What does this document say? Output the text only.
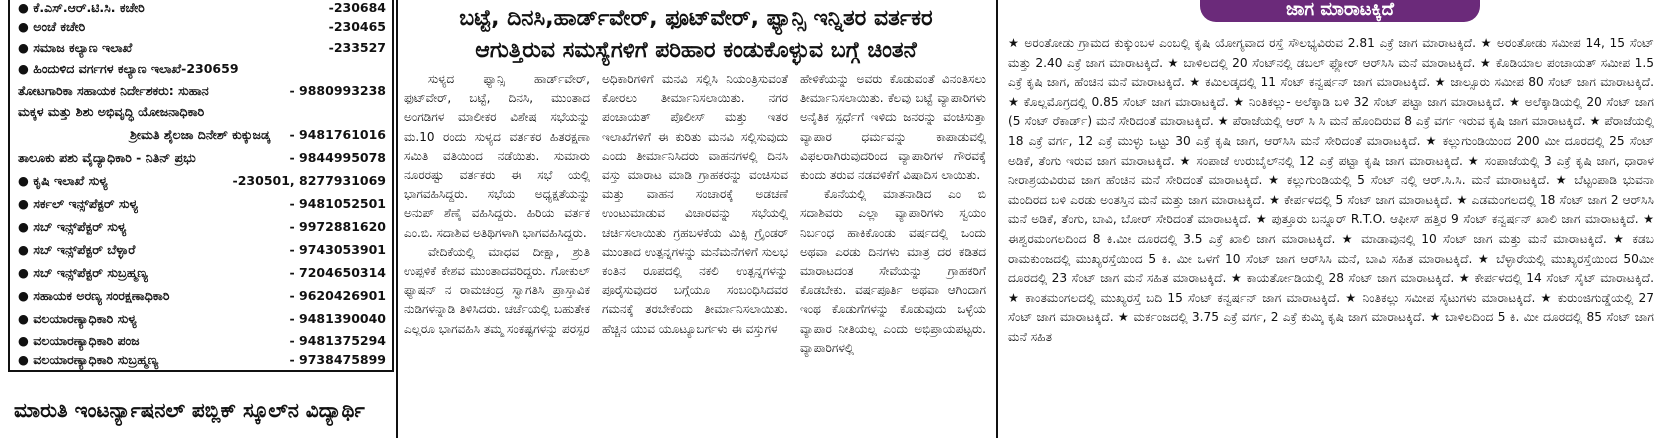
● ಕೆ.ಎಸ್.ಆರ್.ಟಿ.ಸಿ. ಕಚೇರಿ	-230684
● ಅಂಚೆ ಕಚೇರಿ	-230465
● ಸಮಾಜ ಕಲ್ಯಾಣ ಇಲಾಖೆ	-233527
● ಹಿಂದುಳಿದ ವರ್ಗಗಳ ಕಲ್ಯಾಣ ಇಲಾಖೆ-230659
ತೋಟಗಾರಿಕಾ ಸಹಾಯಕ ನಿರ್ದೇಶಕರು: ಸುಹಾನ	- 9880993238
ಮಕ್ಕಳ ಮತ್ತು ಶಿಶು ಅಭಿವೃದ್ಧಿ ಯೋಜನಾಧಿಕಾರಿ
ಶ್ರೀಮತಿ ಶೈಲಜಾ ದಿನೇಶ್ ಕುಕ್ಕುಜಡ್ಕ - 9481761016
ತಾಲೂಕು ಪಶು ವೈದ್ಯಾಧಿಕಾರಿ - ನಿತಿನ್ ಪ್ರಭು	- 9844995078
● ಕೃಷಿ ಇಲಾಖೆ ಸುಳ್ಯ	-230501, 8277931069
● ಸರ್ಕಲ್ ಇನ್ಸ್‌ಪೆಕ್ಟರ್ ಸುಳ್ಯ	- 9481052501
● ಸಬ್ ಇನ್ಸ್‌ಪೆಕ್ಟರ್ ಸುಳ್ಯ	- 9972881620
● ಸಬ್ ಇನ್ಸ್‌ಪೆಕ್ಟರ್ ಬೆಳ್ಳಾರೆ	- 9743053901
● ಸಬ್ ಇನ್ಸ್‌ಪೆಕ್ಟರ್ ಸುಬ್ರಹ್ಮಣ್ಯ	- 7204650314
● ಸಹಾಯಕ ಅರಣ್ಯ ಸಂರಕ್ಷಣಾಧಿಕಾರಿ	- 9620426901
● ವಲಯಾರಣ್ಯಾಧಿಕಾರಿ ಸುಳ್ಯ	- 9481390040
● ವಲಯಾರಣ್ಯಾಧಿಕಾರಿ ಪಂಜ	- 9481375294
● ವಲಯಾರಣ್ಯಾಧಿಕಾರಿ ಸುಬ್ರಹ್ಮಣ್ಯ	- 9738475899
ಮಾರುತಿ ಇಂಟರ್ನ್ಯಾಷನಲ್ ಪಬ್ಲಿಕ್ ಸ್ಕೂಲ್‌ನ ವಿದ್ಯಾರ್ಥಿ
ಬಟ್ಟೆ, ದಿನಸಿ,ಹಾರ್ಡ್‌ವೇರ್, ಫೂಟ್‌ವೇರ್, ಫ್ಯಾನ್ಸಿ ಇನ್ನಿತರ ವರ್ತಕರ
ಆಗುತ್ತಿರುವ ಸಮಸ್ಯೆಗಳಿಗೆ ಪರಿಹಾರ ಕಂಡುಕೊಳ್ಳುವ ಬಗ್ಗೆ ಚಿಂತನೆ

ಸುಳ್ಯದ ಫ್ಯಾನ್ಸಿ ಹಾರ್ಡ್‌ವೇರ್, ಫುಟ್‌ವೇರ್, ಬಟ್ಟೆ, ದಿನಸಿ, ಮುಂತಾದ ಅಂಗಡಿಗಳ ಮಾಲೀಕರ ವಿಶೇಷ ಸಭೆಯನ್ನು ಮ.10 ರಂದು ಸುಳ್ಯದ ವರ್ತಕರ ಹಿತರಕ್ಷಣಾ ಸಮಿತಿ ವತಿಯಿಂದ ನಡೆಯಿತು. ಸುಮಾರು ನೂರರಷ್ಟು ವರ್ತಕರು ಈ ಸಭೆ ಯಲ್ಲಿ ಭಾಗವಹಿಸಿದ್ದರು. ಸಭೆಯ ಅಧ್ಯಕ್ಷತೆಯನ್ನು ಅನುಪ್ ಶೆಣೈ ವಹಿಸಿದ್ದರು. ಹಿರಿಯ ವರ್ತಕ ಎಂ.ಬಿ. ಸದಾಶಿವ ಅತಿಥಿಗಳಾಗಿ ಭಾಗವಹಿಸಿದ್ದರು.

ವೇದಿಕೆಯಲ್ಲಿ ಮಾಧವ ದೀಕ್ಷಾ, ಶ್ರುತಿ ಉಪ್ಪಳಿಕೆ ಕೇಶವ ಮುಂತಾದವರಿದ್ದರು. ಗೋಕುಲ್ ಫ್ಯಾಷನ್ ನ ರಾಮಚಂದ್ರ ಸ್ವಾಗತಿಸಿ ಪ್ರಾಸ್ತಾವಿಕ ನುಡಿಗಳನ್ನಾಡಿ ತಿಳಿಸಿದರು. ಚರ್ಚೆಯಲ್ಲಿ ಬಹುತೇಕ ಎಲ್ಲರೂ ಭಾಗವಹಿಸಿ ತಮ್ಮ ಸಂಕಷ್ಟಗಳನ್ನು ಪರಸ್ಪರ

ಅಧಿಕಾರಿಗಳಿಗೆ ಮನವಿ ಸಲ್ಲಿಸಿ ನಿಯಂತ್ರಿಸುವಂತೆ ಕೋರಲು ತೀರ್ಮಾನಿಸಲಾಯಿತು. ನಗರ ಪಂಚಾಯತ್ ಪೊಲೀಸ್ ಮತ್ತು ಇತರ ಇಲಾಖೆಗಳಿಗೆ ಈ ಕುರಿತು ಮನವಿ ಸಲ್ಲಿಸುವುದು ಎಂದು ತೀರ್ಮಾನಿಸಿದರು ವಾಹನಗಳಲ್ಲಿ ದಿನಸಿ ವಸ್ತು ಮಾರಾಟ ಮಾಡಿ ಗ್ರಾಹಕರನ್ನು ವಂಚಿಸುವ ಮತ್ತು ವಾಹನ ಸಂಚಾರಕ್ಕೆ ಅಡಚಣೆ ಉಂಟುಮಾಡುವ ವಿಚಾರವನ್ನು ಸಭೆಯಲ್ಲಿ ಚರ್ಚಿಸಲಾಯಿತು ಗ್ರಹಬಳಕೆಯ ಮಿಕ್ಸಿ ಗ್ರೈಂಡರ್ ಮುಂತಾದ ಉತ್ಪನ್ನಗಳನ್ನು ಮನೆಮನೆಗಳಿಗೆ ಸುಲಭ ಕಂತಿನ ರೂಪದಲ್ಲಿ ನಕಲಿ ಉತ್ಪನ್ನಗಳನ್ನು ಪೂರೈಸುವುದರ ಬಗ್ಗೆಯೂ ಸಂಬಂಧಿಸಿದವರ ಗಮನಕ್ಕೆ ತರಬೇಕೆಂದು ತೀರ್ಮಾನಿಸಲಾಯಿತು. ಹೆಚ್ಚಿನ ಯುವ ಯೂಟ್ಯೂಬರ್ಗಳು ಈ ವಸ್ತುಗಳ

ಹೇಳಿಕೆಯನ್ನು ಅವರು ಕೊಡುವಂತೆ ವಿನಂತಿಸಲು ತೀರ್ಮಾನಿಸಲಾಯಿತು. ಕೆಲವು ಬಟ್ಟೆ ವ್ಯಾಪಾರಿಗಳು ಅನೈತಿಕ ಸ್ಪರ್ಧೆಗೆ ಇಳಿದು ಜನರನ್ನು ವಂಚಿಸುತ್ತಾ ವ್ಯಾಪಾರ ಧರ್ಮವನ್ನು ಕಾಪಾಡುವಲ್ಲಿ ವಿಫಲರಾಗಿರುವುದರಿಂದ ವ್ಯಾಪಾರಿಗಳ ಗೌರವಕ್ಕೆ ಕುಂದು ತರುವ ನಡವಳಿಕೆಗೆ ವಿಷಾದಿಸ ಲಾಯಿತು.

ಕೊನೆಯಲ್ಲಿ ಮಾತನಾಡಿದ ಎಂ ಬಿ ಸದಾಶಿವರು ಎಲ್ಲಾ ವ್ಯಾಪಾರಿಗಳು ಸ್ವಯಂ ನಿರ್ಬಂಧ ಹಾಕಿಕೊಂಡು ವರ್ಷದಲ್ಲಿ ಒಂದು ಅಥವಾ ಎರಡು ದಿನಗಳು ಮಾತ್ರ ದರ ಕಡಿತದ ಮಾರಾಟದಂತ ಸೇವೆಯನ್ನು ಗ್ರಾಹಕರಿಗೆ ಕೊಡಬೇಕು. ವರ್ಷಪೂರ್ತಿ ಅಥವಾ ಆಗಿಂದಾಗ ಇಂಥ ಕೊಡುಗೆಗಳನ್ನು ಕೊಡುವುದು ಒಳ್ಳೆಯ ವ್ಯಾಪಾರ ನೀತಿಯಲ್ಲ ಎಂದು ಅಭಿಪ್ರಾಯಪಟ್ಟರು. ವ್ಯಾಪಾರಿಗಳಲ್ಲಿ

ಜಾಗ ಮಾರಾಟಕ್ಕಿದೆ
★ ಅರಂತೋಡು ಗ್ರಾಮದ ಕುಕ್ಕುಂಬಳ ಎಂಬಲ್ಲಿ ಕೃಷಿ ಯೋಗ್ಯವಾದ ರಸ್ತೆ ಸೌಲಭ್ಯವಿರುವ 2.81 ಎಕ್ರೆ ಜಾಗ ಮಾರಾಟಕ್ಕಿದೆ. ★ ಅರಂತೋಡು ಸಮೀಪ 14, 15 ಸೆಂಟ್ ಮತ್ತು 2.40 ಎಕ್ರೆ ಜಾಗ ಮಾರಾಟಕ್ಕಿದೆ. ★ ಬಾಳಿಲದಲ್ಲಿ 20 ಸೆಂಟ್‌ನಲ್ಲಿ ಡಬಲ್ ಫ್ಲೋರ್ ಆರ್‌ಸಿಸಿ ಮನೆ ಮಾರಾಟಕ್ಕಿದೆ. ★ ಕೊಡಿಯಾಲ ಪಂಚಾಯತ್ ಸಮೀಪ 1.5 ಎಕ್ರೆ ಕೃಷಿ ಜಾಗ, ಹೆಂಚಿನ ಮನೆ ಮಾರಾಟಕ್ಕಿದೆ. ★ ಕಮಿಲಡ್ಕದಲ್ಲಿ 11 ಸೆಂಟ್ ಕನ್ವರ್ಷನ್ ಜಾಗ ಮಾರಾಟಕ್ಕಿದೆ. ★ ಜಾಲ್ಸೂರು ಸಮೀಪ 80 ಸೆಂಟ್ ಜಾಗ ಮಾರಾಟಕ್ಕಿದೆ. ★ ಕೊಲ್ಲಮೊಗ್ರದಲ್ಲಿ 0.85 ಸೆಂಟ್ ಜಾಗ ಮಾರಾಟಕ್ಕಿದೆ. ★ ನಿಂತಿಕಲ್ಲು- ಅಲೆಕ್ಕಾಡಿ ಬಳಿ 32 ಸೆಂಟ್ ಪಟ್ಟಾ ಜಾಗ ಮಾರಾಟಕ್ಕಿದೆ. ★ ಅಲೆಕ್ಕಾಡಿಯಲ್ಲಿ 20 ಸೆಂಟ್ ಜಾಗ (5 ಸೆಂಟ್ ರೆಕಾರ್ಡ್) ಮನೆ ಸೇರಿದಂತೆ ಮಾರಾಟಕ್ಕಿದೆ. ★ ಪೆರಾಜೆಯಲ್ಲಿ ಆರ್ ಸಿ ಸಿ ಮನೆ ಹೊಂದಿರುವ 8 ಎಕ್ರೆ ವರ್ಗ ಇರುವ ಕೃಷಿ ಜಾಗ ಮಾರಾಟಕ್ಕಿದೆ. ★ ಪೆರಾಜೆಯಲ್ಲಿ 18 ಎಕ್ರೆ ವರ್ಗ, 12 ಎಕ್ರೆ ಮುಳ್ಳು ಒಟ್ಟು 30 ಎಕ್ರೆ ಕೃಷಿ ಜಾಗ, ಆರ್‌ಸಿಸಿ ಮನೆ ಸೇರಿದಂತೆ ಮಾರಾಟಕ್ಕಿದೆ. ★ ಕಲ್ಲುಗುಂಡಿಯಿಂದ 200 ಮೀ ದೂರದಲ್ಲಿ 25 ಸೆಂಟ್ ಅಡಿಕೆ, ತೆಂಗು ಇರುವ ಜಾಗ ಮಾರಾಟಕ್ಕಿದೆ. ★ ಸಂಪಾಜೆ ಉರುಬೈಲ್‌ನಲ್ಲಿ 12 ಎಕ್ರೆ ಪಟ್ಟಾ ಕೃಷಿ ಜಾಗ ಮಾರಾಟಕ್ಕಿದೆ. ★ ಸಂಪಾಜೆಯಲ್ಲಿ 3 ಎಕ್ರೆ ಕೃಷಿ ಜಾಗ, ಧಾರಾಳ ನೀರಾಶ್ರಯವಿರುವ ಜಾಗ ಹೆಂಚಿನ ಮನೆ ಸೇರಿದಂತೆ ಮಾರಾಟಕ್ಕಿದೆ. ★ ಕಲ್ಲುಗುಂಡಿಯಲ್ಲಿ 5 ಸೆಂಟ್ ನಲ್ಲಿ ಆರ್.ಸಿ.ಸಿ. ಮನೆ ಮಾರಾಟಕ್ಕಿದೆ. ★ ಬೆಟ್ಟಂಪಾಡಿ ಭುವನಾ ಮಂದಿರದ ಬಳಿ ಎರಡು ಅಂತಸ್ತಿನ ಮನೆ ಮತ್ತು ಜಾಗ ಮಾರಾಟಕ್ಕಿದೆ. ★ ಕೇರ್ಪಳದಲ್ಲಿ 5 ಸೆಂಟ್ ಜಾಗ ಮಾರಾಟಕ್ಕಿದೆ. ★ ಎಡಮಂಗಲದಲ್ಲಿ 18 ಸೆಂಟ್ ಜಾಗ 2 ಆರ್‌ಸಿಸಿ ಮನೆ ಅಡಿಕೆ, ತೆಂಗು, ಬಾವಿ, ಬೋರ್ ಸೇರಿದಂತೆ ಮಾರಾಟಕ್ಕಿದೆ. ★ ಪುತ್ತೂರು ಬನ್ನೂರ್ R.T.O. ಆಫೀಸ್ ಹತ್ತಿರ 9 ಸೆಂಟ್ ಕನ್ವರ್ಷನ್ ಖಾಲಿ ಜಾಗ ಮಾರಾಟಕ್ಕಿದೆ. ★ ಈಶ್ವರಮಂಗಲದಿಂದ 8 ಕಿ.ಮೀ ದೂರದಲ್ಲಿ 3.5 ಎಕ್ರೆ ಖಾಲಿ ಜಾಗ ಮಾರಾಟಕ್ಕಿದೆ. ★ ಮಾಡಾವುನಲ್ಲಿ 10 ಸೆಂಟ್ ಜಾಗ ಮತ್ತು ಮನೆ ಮಾರಾಟಕ್ಕಿದೆ. ★ ಕಡಬ ರಾಮಕುಂಜದಲ್ಲಿ ಮುಖ್ಯರಸ್ತೆಯಿಂದ 5 ಕಿ. ಮೀ ಒಳಗೆ 10 ಸೆಂಟ್ ಜಾಗ ಆರ್‌ಸಿಸಿ ಮನೆ, ಬಾವಿ ಸಹಿತ ಮಾರಾಟಕ್ಕಿದೆ. ★ ಬೆಳ್ಳಾರೆಯಲ್ಲಿ ಮುಖ್ಯರಸ್ತೆಯಿಂದ 50ಮೀ ದೂರದಲ್ಲಿ 23 ಸೆಂಟ್ ಜಾಗ ಮನೆ ಸಹಿತ ಮಾರಾಟಕ್ಕಿದೆ. ★ ಕಾಯರ್ತೋಡಿಯಲ್ಲಿ 28 ಸೆಂಟ್ ಜಾಗ ಮಾರಾಟಕ್ಕಿದೆ. ★ ಕೇರ್ಪಳದಲ್ಲಿ 14 ಸೆಂಟ್ ಸೈಟ್ ಮಾರಾಟಕ್ಕಿದೆ. ★ ಕಾಂತಮಂಗಲದಲ್ಲಿ ಮುಖ್ಯರಸ್ತೆ ಬದಿ 15 ಸೆಂಟ್ ಕನ್ವರ್ಷನ್ ಜಾಗ ಮಾರಾಟಕ್ಕಿದೆ. ★ ನಿಂತಿಕಲ್ಲು ಸಮೀಪ ಸೈಟುಗಳು ಮಾರಾಟಕ್ಕಿದೆ. ★ ಕುರುಂಜಿಗುಡ್ಡೆಯಲ್ಲಿ 27 ಸೆಂಟ್ ಜಾಗ ಮಾರಾಟಕ್ಕಿದೆ. ★ ಮರ್ಕಂಜದಲ್ಲಿ 3.75 ಎಕ್ರೆ ವರ್ಗ, 2 ಎಕ್ರೆ ಕುಮ್ಕಿ ಕೃಷಿ ಜಾಗ ಮಾರಾಟಕ್ಕಿದೆ. ★ ಬಾಳಿಲದಿಂದ 5 ಕಿ. ಮೀ ದೂರದಲ್ಲಿ 85 ಸೆಂಟ್ ಜಾಗ ಮನೆ ಸಹಿತ
